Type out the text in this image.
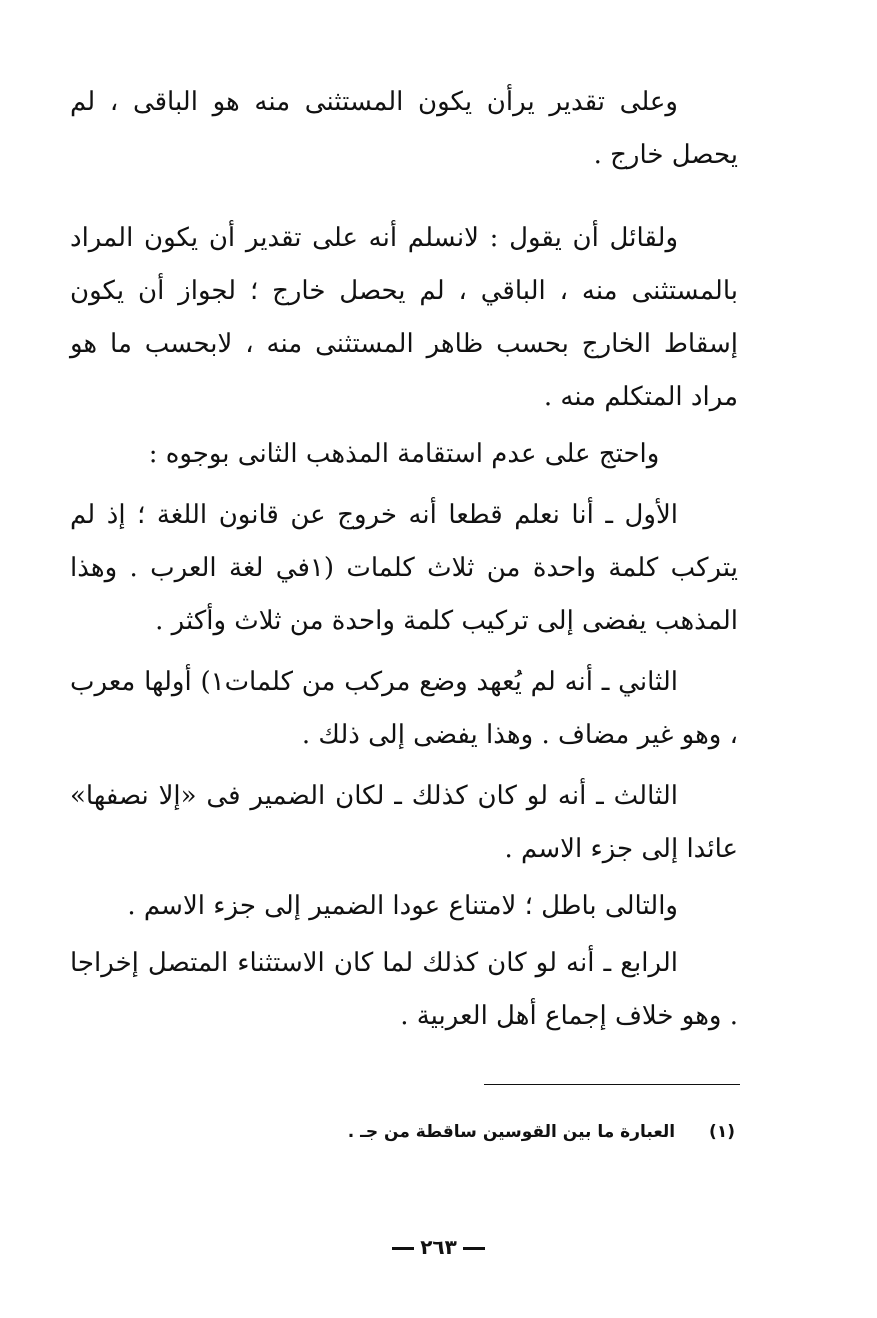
وعلى تقدير يرأن يكون المستثنى منه هو الباقى ، لم يحصل خارج .

ولقائل أن يقول : لانسلم أنه على تقدير أن يكون المراد بالمستثنى منه ، الباقي ، لم يحصل خارج ؛ لجواز أن يكون إسقاط الخارج بحسب ظاهر المستثنى منه ، لابحسب ما هو مراد المتكلم منه .

واحتج على عدم استقامة المذهب الثانى بوجوه :

الأول ـ أنا نعلم قطعا أنه خروج عن قانون اللغة ؛ إذ لم يتركب كلمة واحدة من ثلاث كلمات (١في لغة العرب . وهذا المذهب يفضى إلى تركيب كلمة واحدة من ثلاث وأكثر .

الثاني ـ أنه لم يُعهد وضع مركب من كلمات١) أولها معرب ، وهو غير مضاف . وهذا يفضى إلى ذلك .

الثالث ـ أنه لو كان كذلك ـ لكان الضمير فى «إلا نصفها» عائدا إلى جزء الاسم .

والتالى باطل ؛ لامتناع عودا الضمير إلى جزء الاسم .

الرابع ـ أنه لو كان كذلك لما كان الاستثناء المتصل إخراجا . وهو خلاف إجماع أهل العربية .

(١) العبارة ما بين القوسين ساقطة من جـ .
٢٦٣
